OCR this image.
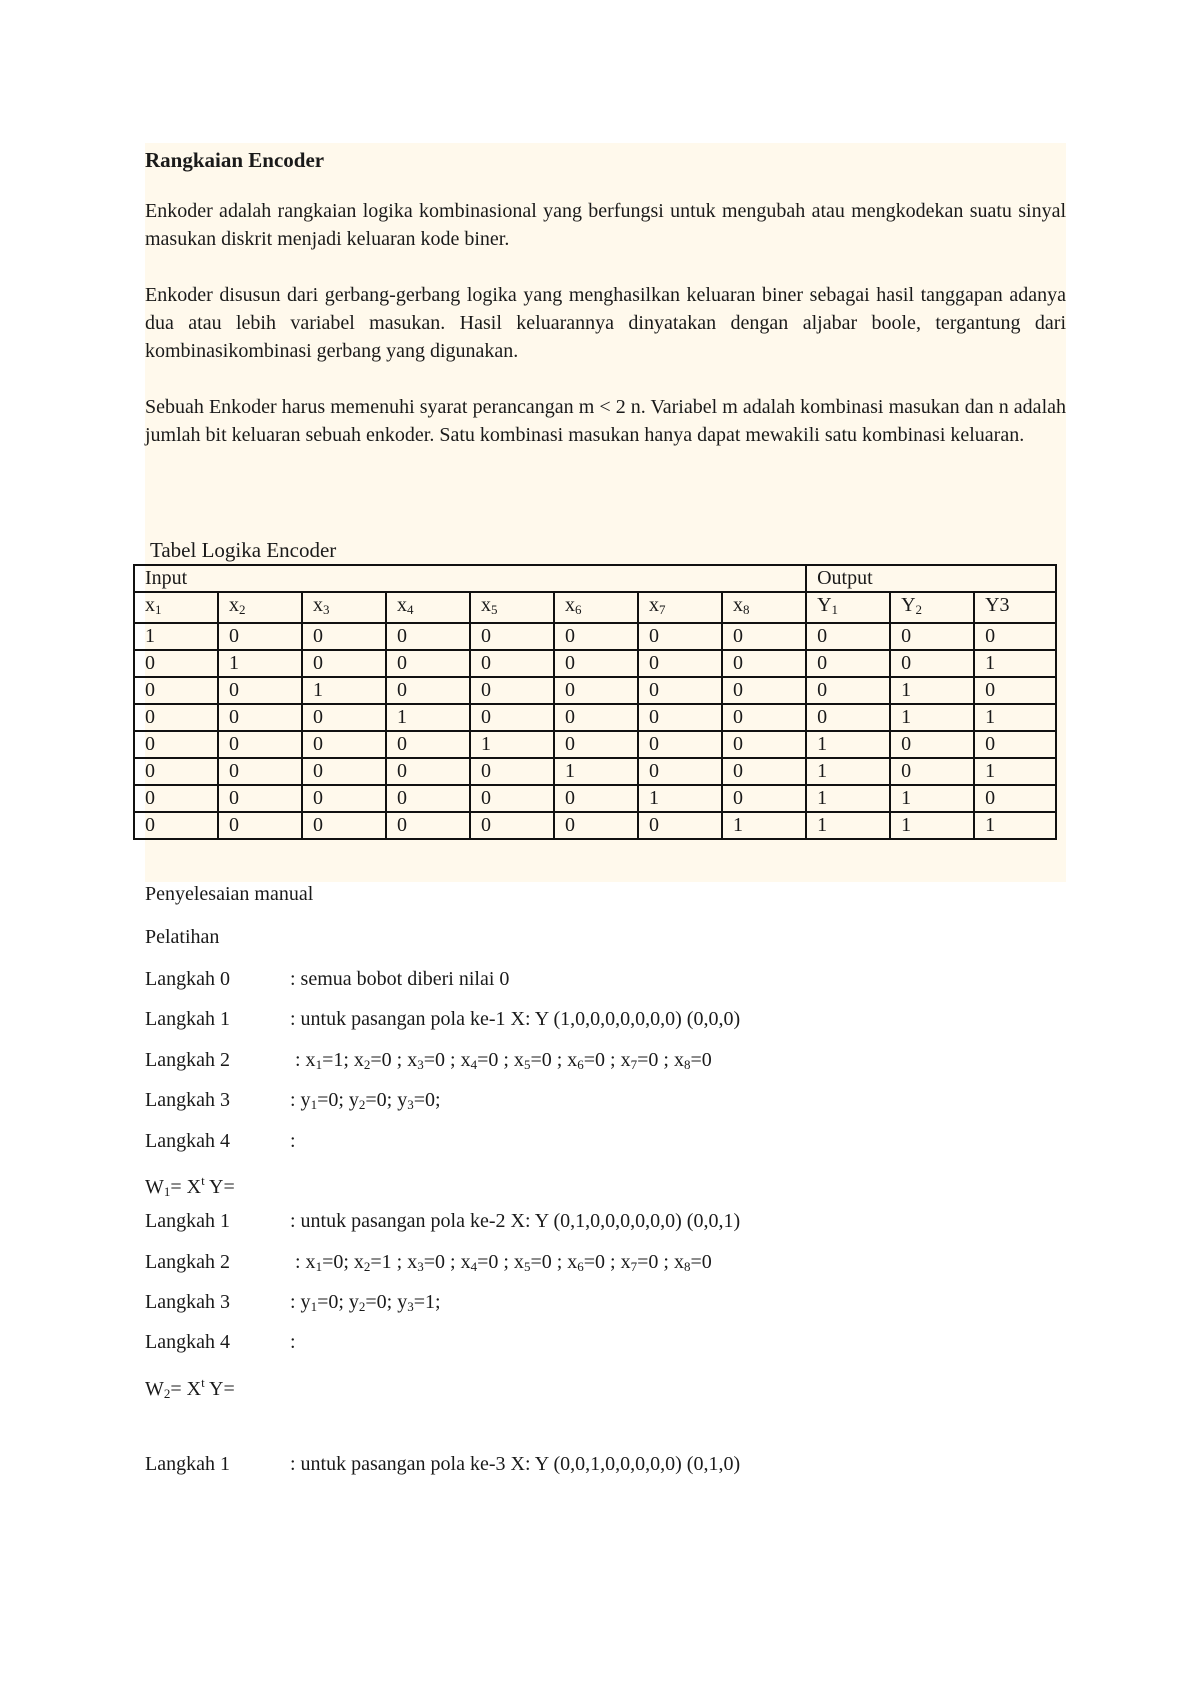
Rangkaian Encoder

Enkoder adalah rangkaian logika kombinasional yang berfungsi untuk mengubah atau mengkodekan suatu sinyal masukan diskrit menjadi keluaran kode biner.

Enkoder disusun dari gerbang-gerbang logika yang menghasilkan keluaran biner sebagai hasil tanggapan adanya dua atau lebih variabel masukan. Hasil keluarannya dinyatakan dengan aljabar boole, tergantung dari kombinasikombinasi gerbang yang digunakan.

Sebuah Enkoder harus memenuhi syarat perancangan m < 2 n. Variabel m adalah kombinasi masukan dan n adalah jumlah bit keluaran sebuah enkoder. Satu kombinasi masukan hanya dapat mewakili satu kombinasi keluaran.

Tabel Logika Encoder
Input								Output		
$x_1$	$x_2$	$x_3$	$x_4$	$x_5$	$x_6$	$x_7$	$x_8$	$Y_1$	$Y_2$	Y3
1	0	0	0	0	0	0	0	0	0	0
0	1	0	0	0	0	0	0	0	0	1
0	0	1	0	0	0	0	0	0	1	0
0	0	0	1	0	0	0	0	0	1	1
0	0	0	0	1	0	0	0	1	0	0
0	0	0	0	0	1	0	0	1	0	1
0	0	0	0	0	0	1	0	1	1	0
0	0	0	0	0	0	0	1	1	1	1
Penyelesaian manual
Pelatihan
Langkah 0	: semua bobot diberi nilai 0
Langkah 1	: untuk pasangan pola ke-1 X: Y (1,0,0,0,0,0,0,0) (0,0,0)
Langkah 2	: $x_1=1$; $x_2=0$ ; $x_3=0$ ; $x_4=0$ ; $x_5=0$ ; $x_6=0$ ; $x_7=0$ ; $x_8=0$
Langkah 3	: $y_1=0$; $y_2=0$; $y_3=0$;
Langkah 4	:
$W_1= X^t$ Y=
Langkah 1	: untuk pasangan pola ke-2 X: Y (0,1,0,0,0,0,0,0) (0,0,1)
Langkah 2	: $x_1=0$; $x_2=1$ ; $x_3=0$ ; $x_4=0$ ; $x_5=0$ ; $x_6=0$ ; $x_7=0$ ; $x_8=0$
Langkah 3	: $y_1=0$; $y_2=0$; $y_3=1$;
Langkah 4	:
$W_2= X^t$ Y=
Langkah 1	: untuk pasangan pola ke-3 X: Y (0,0,1,0,0,0,0,0) (0,1,0)
